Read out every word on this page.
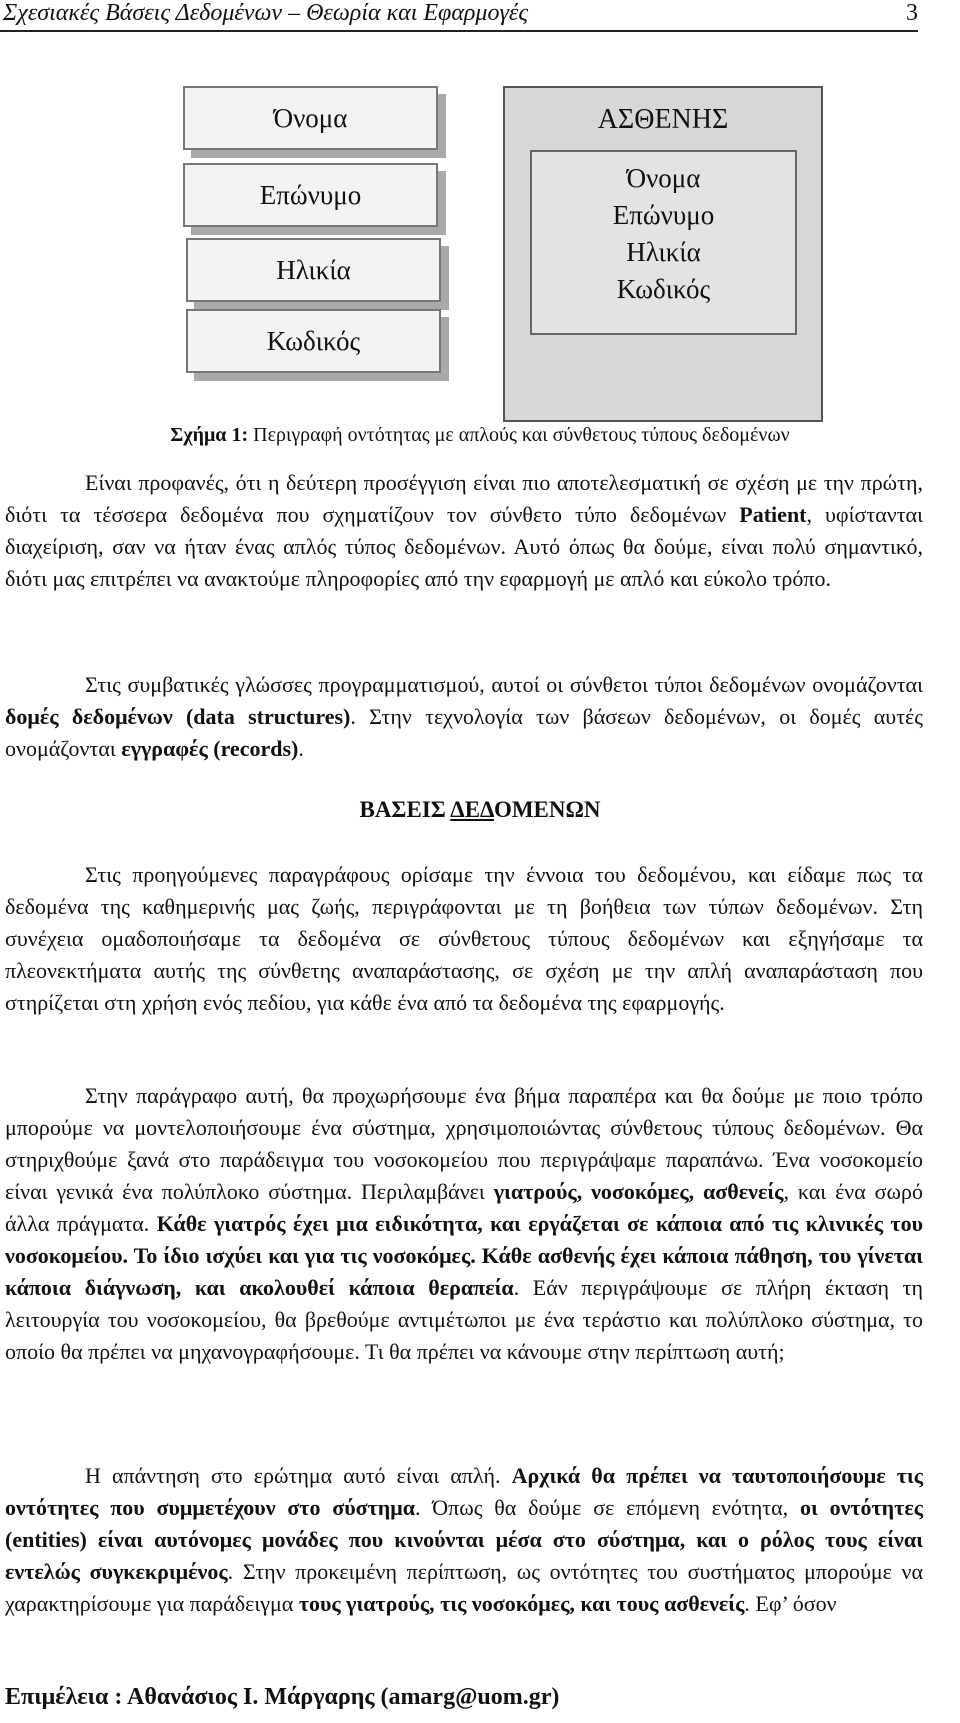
Σχεσιακές Βάσεις Δεδομένων – Θεωρία και Εφαρμογές	3
Όνομα
Επώνυμο
Ηλικία
Κωδικός
ΑΣΘΕΝΗΣ
Όνομα
Επώνυμο
Ηλικία
Κωδικός
Σχήμα 1: Περιγραφή οντότητας με απλούς και σύνθετους τύπους δεδομένων
Είναι προφανές, ότι η δεύτερη προσέγγιση είναι πιο αποτελεσματική σε σχέση με την πρώτη, διότι τα τέσσερα δεδομένα που σχηματίζουν τον σύνθετο τύπο δεδομένων Patient, υφίστανται διαχείριση, σαν να ήταν ένας απλός τύπος δεδομένων. Αυτό όπως θα δούμε, είναι πολύ σημαντικό, διότι μας επιτρέπει να ανακτούμε πληροφορίες από την εφαρμογή με απλό και εύκολο τρόπο.
Στις συμβατικές γλώσσες προγραμματισμού, αυτοί οι σύνθετοι τύποι δεδομένων ονομάζονται δομές δεδομένων (data structures). Στην τεχνολογία των βάσεων δεδομένων, οι δομές αυτές ονομάζονται εγγραφές (records).
ΒΑΣΕΙΣ ΔΕΔΟΜΕΝΩΝ
Στις προηγούμενες παραγράφους ορίσαμε την έννοια του δεδομένου, και είδαμε πως τα δεδομένα της καθημερινής μας ζωής, περιγράφονται με τη βοήθεια των τύπων δεδομένων. Στη συνέχεια ομαδοποιήσαμε τα δεδομένα σε σύνθετους τύπους δεδομένων και εξηγήσαμε τα πλεονεκτήματα αυτής της σύνθετης αναπαράστασης, σε σχέση με την απλή αναπαράσταση που στηρίζεται στη χρήση ενός πεδίου, για κάθε ένα από τα δεδομένα της εφαρμογής.
Στην παράγραφο αυτή, θα προχωρήσουμε ένα βήμα παραπέρα και θα δούμε με ποιο τρόπο μπορούμε να μοντελοποιήσουμε ένα σύστημα, χρησιμοποιώντας σύνθετους τύπους δεδομένων. Θα στηριχθούμε ξανά στο παράδειγμα του νοσοκομείου που περιγράψαμε παραπάνω. Ένα νοσοκομείο είναι γενικά ένα πολύπλοκο σύστημα. Περιλαμβάνει γιατρούς, νοσοκόμες, ασθενείς, και ένα σωρό άλλα πράγματα. Κάθε γιατρός έχει μια ειδικότητα, και εργάζεται σε κάποια από τις κλινικές του νοσοκομείου. Το ίδιο ισχύει και για τις νοσοκόμες. Κάθε ασθενής έχει κάποια πάθηση, του γίνεται κάποια διάγνωση, και ακολουθεί κάποια θεραπεία. Εάν περιγράψουμε σε πλήρη έκταση τη λειτουργία του νοσοκομείου, θα βρεθούμε αντιμέτωποι με ένα τεράστιο και πολύπλοκο σύστημα, το οποίο θα πρέπει να μηχανογραφήσουμε. Τι θα πρέπει να κάνουμε στην περίπτωση αυτή;
Η απάντηση στο ερώτημα αυτό είναι απλή. Αρχικά θα πρέπει να ταυτοποιήσουμε τις οντότητες που συμμετέχουν στο σύστημα. Όπως θα δούμε σε επόμενη ενότητα, οι οντότητες (entities) είναι αυτόνομες μονάδες που κινούνται μέσα στο σύστημα, και ο ρόλος τους είναι εντελώς συγκεκριμένος. Στην προκειμένη περίπτωση, ως οντότητες του συστήματος μπορούμε να χαρακτηρίσουμε για παράδειγμα τους γιατρούς, τις νοσοκόμες, και τους ασθενείς. Εφ’ όσον
Επιμέλεια : Αθανάσιος Ι. Μάργαρης (amarg@uom.gr)
